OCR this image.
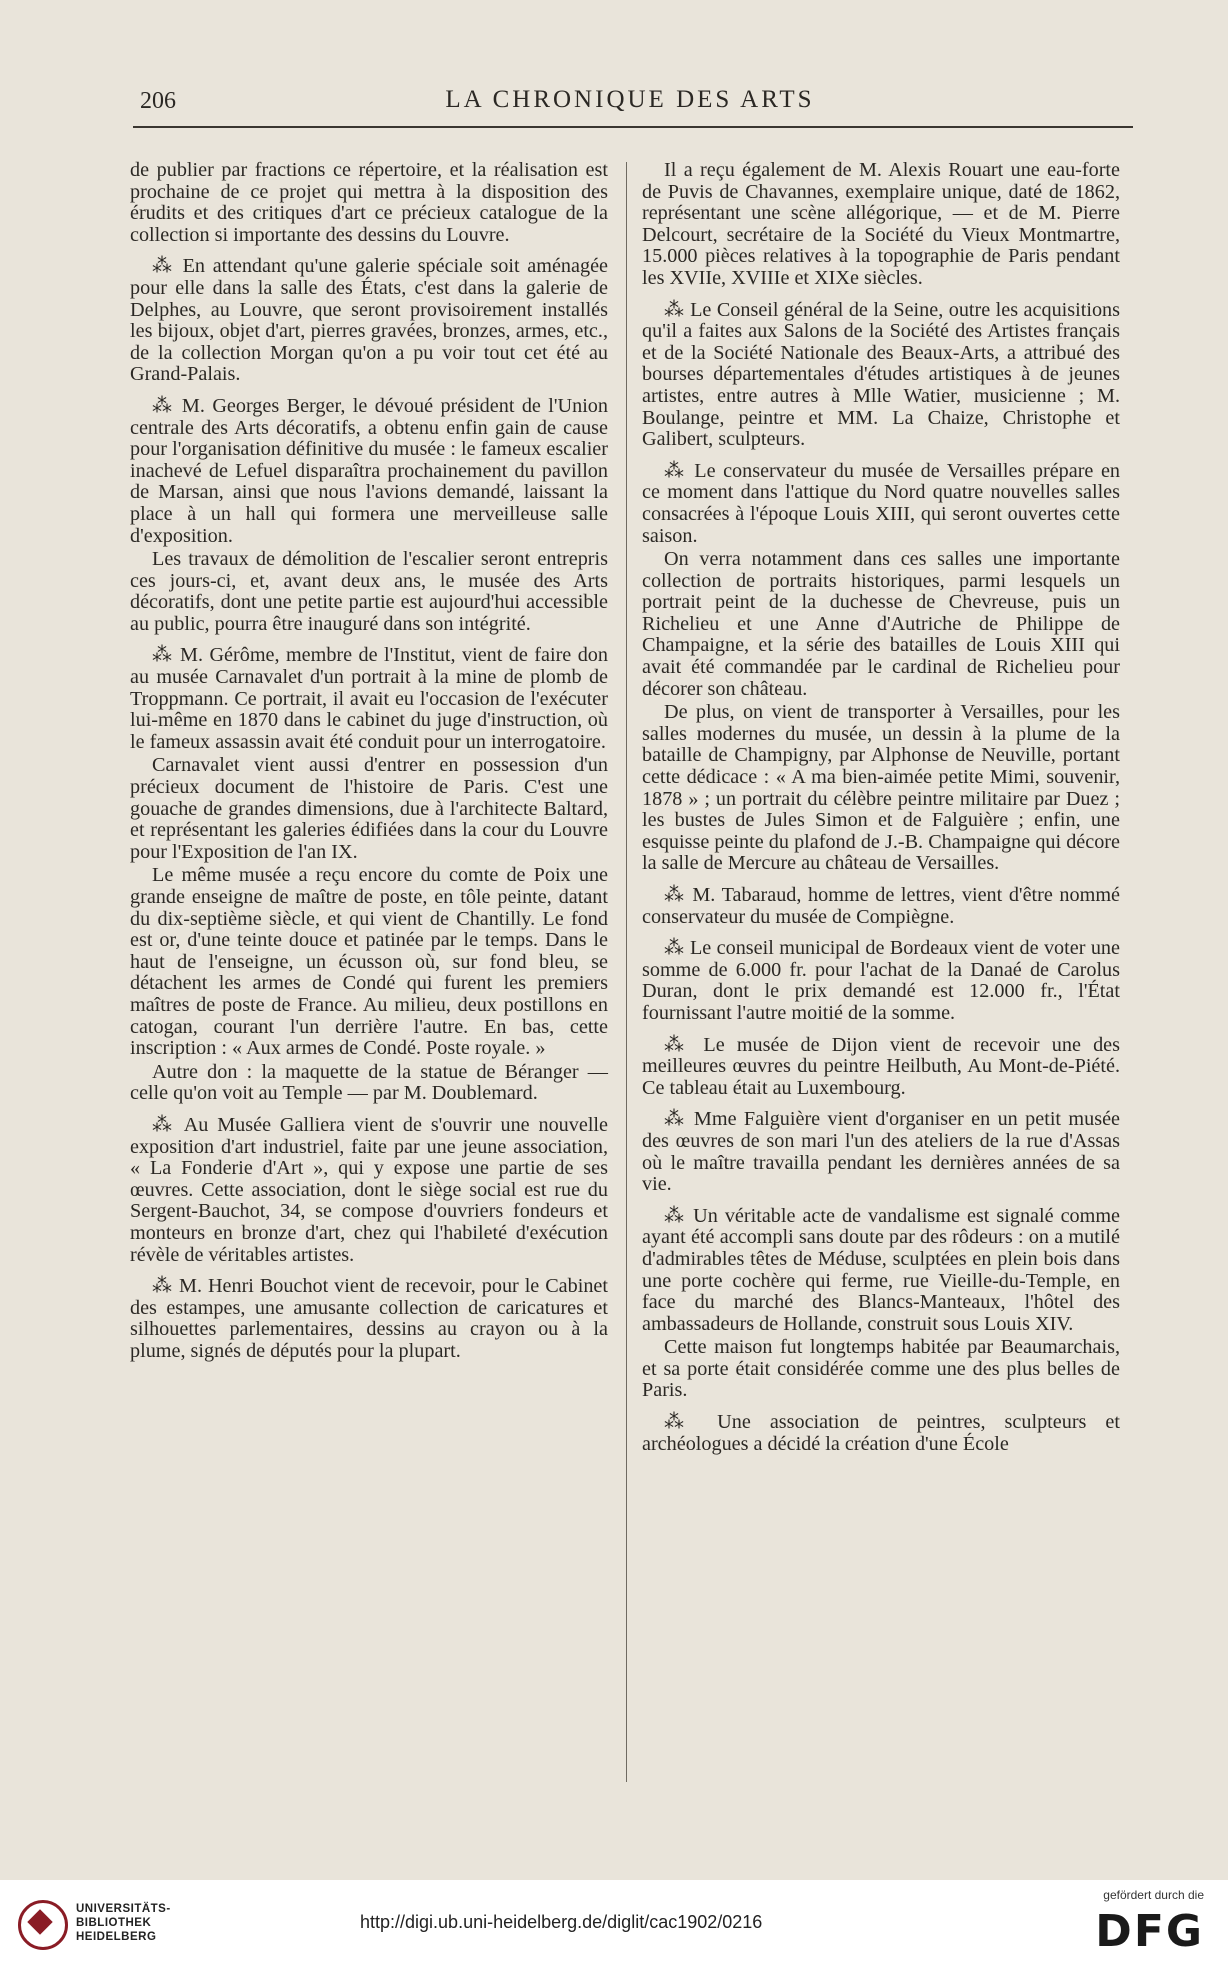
206	LA CHRONIQUE DES ARTS

de publier par fractions ce répertoire, et la réalisation est prochaine de ce projet qui mettra à la disposition des érudits et des critiques d'art ce précieux catalogue de la collection si importante des dessins du Louvre.

⁂ En attendant qu'une galerie spéciale soit aménagée pour elle dans la salle des États, c'est dans la galerie de Delphes, au Louvre, que seront provisoirement installés les bijoux, objet d'art, pierres gravées, bronzes, armes, etc., de la collection Morgan qu'on a pu voir tout cet été au Grand-Palais.

⁂ M. Georges Berger, le dévoué président de l'Union centrale des Arts décoratifs, a obtenu enfin gain de cause pour l'organisation définitive du musée : le fameux escalier inachevé de Lefuel disparaîtra prochainement du pavillon de Marsan, ainsi que nous l'avions demandé, laissant la place à un hall qui formera une merveilleuse salle d'exposition.

Les travaux de démolition de l'escalier seront entrepris ces jours-ci, et, avant deux ans, le musée des Arts décoratifs, dont une petite partie est aujourd'hui accessible au public, pourra être inauguré dans son intégrité.

⁂ M. Gérôme, membre de l'Institut, vient de faire don au musée Carnavalet d'un portrait à la mine de plomb de Troppmann. Ce portrait, il avait eu l'occasion de l'exécuter lui-même en 1870 dans le cabinet du juge d'instruction, où le fameux assassin avait été conduit pour un interrogatoire.

Carnavalet vient aussi d'entrer en possession d'un précieux document de l'histoire de Paris. C'est une gouache de grandes dimensions, due à l'architecte Baltard, et représentant les galeries édifiées dans la cour du Louvre pour l'Exposition de l'an IX.

Le même musée a reçu encore du comte de Poix une grande enseigne de maître de poste, en tôle peinte, datant du dix-septième siècle, et qui vient de Chantilly. Le fond est or, d'une teinte douce et patinée par le temps. Dans le haut de l'enseigne, un écusson où, sur fond bleu, se détachent les armes de Condé qui furent les premiers maîtres de poste de France. Au milieu, deux postillons en catogan, courant l'un derrière l'autre. En bas, cette inscription : « Aux armes de Condé. Poste royale. »

Autre don : la maquette de la statue de Béranger — celle qu'on voit au Temple — par M. Doublemard.

⁂ Au Musée Galliera vient de s'ouvrir une nouvelle exposition d'art industriel, faite par une jeune association, « La Fonderie d'Art », qui y expose une partie de ses œuvres. Cette association, dont le siège social est rue du Sergent-Bauchot, 34, se compose d'ouvriers fondeurs et monteurs en bronze d'art, chez qui l'habileté d'exécution révèle de véritables artistes.

⁂ M. Henri Bouchot vient de recevoir, pour le Cabinet des estampes, une amusante collection de caricatures et silhouettes parlementaires, dessins au crayon ou à la plume, signés de députés pour la plupart.

Il a reçu également de M. Alexis Rouart une eau-forte de Puvis de Chavannes, exemplaire unique, daté de 1862, représentant une scène allégorique, — et de M. Pierre Delcourt, secrétaire de la Société du Vieux Montmartre, 15.000 pièces relatives à la topographie de Paris pendant les XVIIe, XVIIIe et XIXe siècles.

⁂ Le Conseil général de la Seine, outre les acquisitions qu'il a faites aux Salons de la Société des Artistes français et de la Société Nationale des Beaux-Arts, a attribué des bourses départementales d'études artistiques à de jeunes artistes, entre autres à Mlle Watier, musicienne ; M. Boulange, peintre et MM. La Chaize, Christophe et Galibert, sculpteurs.

⁂ Le conservateur du musée de Versailles prépare en ce moment dans l'attique du Nord quatre nouvelles salles consacrées à l'époque Louis XIII, qui seront ouvertes cette saison.

On verra notamment dans ces salles une importante collection de portraits historiques, parmi lesquels un portrait peint de la duchesse de Chevreuse, puis un Richelieu et une Anne d'Autriche de Philippe de Champaigne, et la série des batailles de Louis XIII qui avait été commandée par le cardinal de Richelieu pour décorer son château.

De plus, on vient de transporter à Versailles, pour les salles modernes du musée, un dessin à la plume de la bataille de Champigny, par Alphonse de Neuville, portant cette dédicace : « A ma bien-aimée petite Mimi, souvenir, 1878 » ; un portrait du célèbre peintre militaire par Duez ; les bustes de Jules Simon et de Falguière ; enfin, une esquisse peinte du plafond de J.-B. Champaigne qui décore la salle de Mercure au château de Versailles.

⁂ M. Tabaraud, homme de lettres, vient d'être nommé conservateur du musée de Compiègne.

⁂ Le conseil municipal de Bordeaux vient de voter une somme de 6.000 fr. pour l'achat de la Danaé de Carolus Duran, dont le prix demandé est 12.000 fr., l'État fournissant l'autre moitié de la somme.

⁂ Le musée de Dijon vient de recevoir une des meilleures œuvres du peintre Heilbuth, Au Mont-de-Piété. Ce tableau était au Luxembourg.

⁂ Mme Falguière vient d'organiser en un petit musée des œuvres de son mari l'un des ateliers de la rue d'Assas où le maître travailla pendant les dernières années de sa vie.

⁂ Un véritable acte de vandalisme est signalé comme ayant été accompli sans doute par des rôdeurs : on a mutilé d'admirables têtes de Méduse, sculptées en plein bois dans une porte cochère qui ferme, rue Vieille-du-Temple, en face du marché des Blancs-Manteaux, l'hôtel des ambassadeurs de Hollande, construit sous Louis XIV.

Cette maison fut longtemps habitée par Beaumarchais, et sa porte était considérée comme une des plus belles de Paris.

⁂ Une association de peintres, sculpteurs et archéologues a décidé la création d'une École

UNIVERSITÄTS-
BIBLIOTHEK
HEIDELBERG
http://digi.ub.uni-heidelberg.de/diglit/cac1902/0216
gefördert durch die
DFG
